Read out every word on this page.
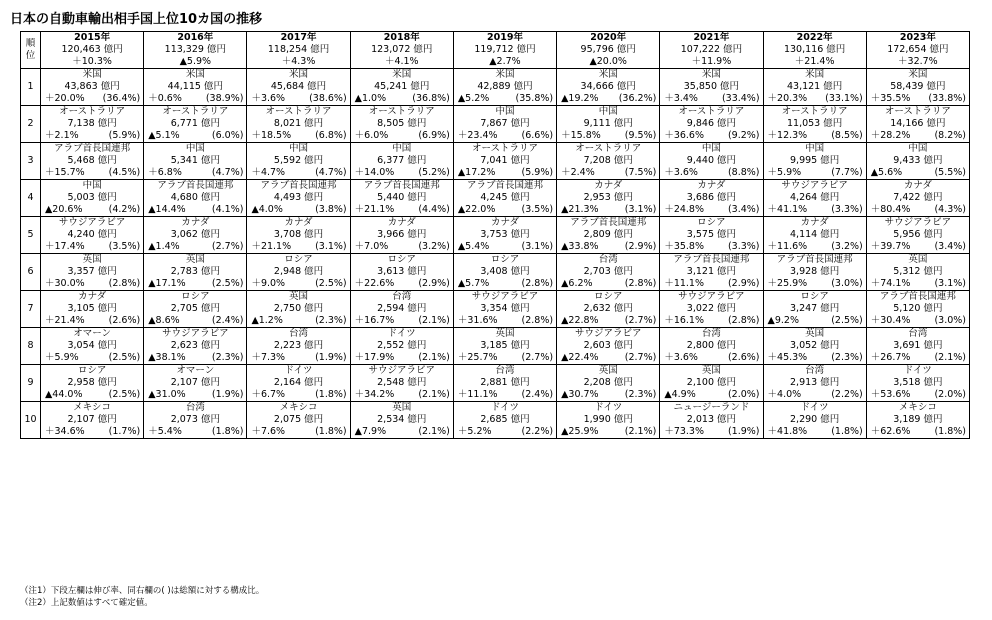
日本の自動車輸出相手国上位10カ国の推移
順
位	2015年
120,463 億円
＋10.3%	2016年
113,329 億円
▲5.9%	2017年
118,254 億円
＋4.3%	2018年
123,072 億円
＋4.1%	2019年
119,712 億円
▲2.7%	2020年
95,796 億円
▲20.0%	2021年
107,222 億円
＋11.9%	2022年
130,116 億円
＋21.4%	2023年
172,654 億円
＋32.7%

1	米国
43,863 億円
＋20.0% (36.4%)	米国
44,115 億円
＋0.6% (38.9%)	米国
45,684 億円
＋3.6% (38.6%)	米国
45,241 億円
▲1.0% (36.8%)	米国
42,889 億円
▲5.2% (35.8%)	米国
34,666 億円
▲19.2% (36.2%)	米国
35,850 億円
＋3.4% (33.4%)	米国
43,121 億円
＋20.3% (33.1%)	米国
58,439 億円
＋35.5% (33.8%)

2	オーストラリア
7,138 億円
＋2.1% (5.9%)	オーストラリア
6,771 億円
▲5.1% (6.0%)	オーストラリア
8,021 億円
＋18.5% (6.8%)	オーストラリア
8,505 億円
＋6.0% (6.9%)	中国
7,867 億円
＋23.4% (6.6%)	中国
9,111 億円
＋15.8% (9.5%)	オーストラリア
9,846 億円
＋36.6% (9.2%)	オーストラリア
11,053 億円
＋12.3% (8.5%)	オーストラリア
14,166 億円
＋28.2% (8.2%)

3	アラブ首長国連邦
5,468 億円
＋15.7% (4.5%)	中国
5,341 億円
＋6.8% (4.7%)	中国
5,592 億円
＋4.7% (4.7%)	中国
6,377 億円
＋14.0% (5.2%)	オーストラリア
7,041 億円
▲17.2% (5.9%)	オーストラリア
7,208 億円
＋2.4% (7.5%)	中国
9,440 億円
＋3.6% (8.8%)	中国
9,995 億円
＋5.9% (7.7%)	中国
9,433 億円
▲5.6% (5.5%)

4	中国
5,003 億円
▲20.6% (4.2%)	アラブ首長国連邦
4,680 億円
▲14.4% (4.1%)	アラブ首長国連邦
4,493 億円
▲4.0% (3.8%)	アラブ首長国連邦
5,440 億円
＋21.1% (4.4%)	アラブ首長国連邦
4,245 億円
▲22.0% (3.5%)	カナダ
2,953 億円
▲21.3% (3.1%)	カナダ
3,686 億円
＋24.8% (3.4%)	サウジアラビア
4,264 億円
＋41.1% (3.3%)	カナダ
7,422 億円
＋80.4% (4.3%)

5	サウジアラビア
4,240 億円
＋17.4% (3.5%)	カナダ
3,062 億円
▲1.4% (2.7%)	カナダ
3,708 億円
＋21.1% (3.1%)	カナダ
3,966 億円
＋7.0% (3.2%)	カナダ
3,753 億円
▲5.4% (3.1%)	アラブ首長国連邦
2,809 億円
▲33.8% (2.9%)	ロシア
3,575 億円
＋35.8% (3.3%)	カナダ
4,114 億円
＋11.6% (3.2%)	サウジアラビア
5,956 億円
＋39.7% (3.4%)

6	英国
3,357 億円
＋30.0% (2.8%)	英国
2,783 億円
▲17.1% (2.5%)	ロシア
2,948 億円
＋9.0% (2.5%)	ロシア
3,613 億円
＋22.6% (2.9%)	ロシア
3,408 億円
▲5.7% (2.8%)	台湾
2,703 億円
▲6.2% (2.8%)	アラブ首長国連邦
3,121 億円
＋11.1% (2.9%)	アラブ首長国連邦
3,928 億円
＋25.9% (3.0%)	英国
5,312 億円
＋74.1% (3.1%)

7	カナダ
3,105 億円
＋21.4% (2.6%)	ロシア
2,705 億円
▲8.6% (2.4%)	英国
2,750 億円
▲1.2% (2.3%)	台湾
2,594 億円
＋16.7% (2.1%)	サウジアラビア
3,354 億円
＋31.6% (2.8%)	ロシア
2,632 億円
▲22.8% (2.7%)	サウジアラビア
3,022 億円
＋16.1% (2.8%)	ロシア
3,247 億円
▲9.2% (2.5%)	アラブ首長国連邦
5,120 億円
＋30.4% (3.0%)

8	オマーン
3,054 億円
＋5.9% (2.5%)	サウジアラビア
2,623 億円
▲38.1% (2.3%)	台湾
2,223 億円
＋7.3% (1.9%)	ドイツ
2,552 億円
＋17.9% (2.1%)	英国
3,185 億円
＋25.7% (2.7%)	サウジアラビア
2,603 億円
▲22.4% (2.7%)	台湾
2,800 億円
＋3.6% (2.6%)	英国
3,052 億円
＋45.3% (2.3%)	台湾
3,691 億円
＋26.7% (2.1%)

9	ロシア
2,958 億円
▲44.0% (2.5%)	オマーン
2,107 億円
▲31.0% (1.9%)	ドイツ
2,164 億円
＋6.7% (1.8%)	サウジアラビア
2,548 億円
＋34.2% (2.1%)	台湾
2,881 億円
＋11.1% (2.4%)	英国
2,208 億円
▲30.7% (2.3%)	英国
2,100 億円
▲4.9% (2.0%)	台湾
2,913 億円
＋4.0% (2.2%)	ドイツ
3,518 億円
＋53.6% (2.0%)

10	メキシコ
2,107 億円
＋34.6% (1.7%)	台湾
2,073 億円
＋5.4% (1.8%)	メキシコ
2,075 億円
＋7.6% (1.8%)	英国
2,534 億円
▲7.9% (2.1%)	ドイツ
2,685 億円
＋5.2% (2.2%)	ドイツ
1,990 億円
▲25.9% (2.1%)	ニュージーランド
2,013 億円
＋73.3% (1.9%)	ドイツ
2,290 億円
＋41.8% (1.8%)	メキシコ
3,189 億円
＋62.6% (1.8%)
（注1）下段左欄は伸び率、同右欄の( )は総額に対する構成比。
（注2）上記数値はすべて確定値。
